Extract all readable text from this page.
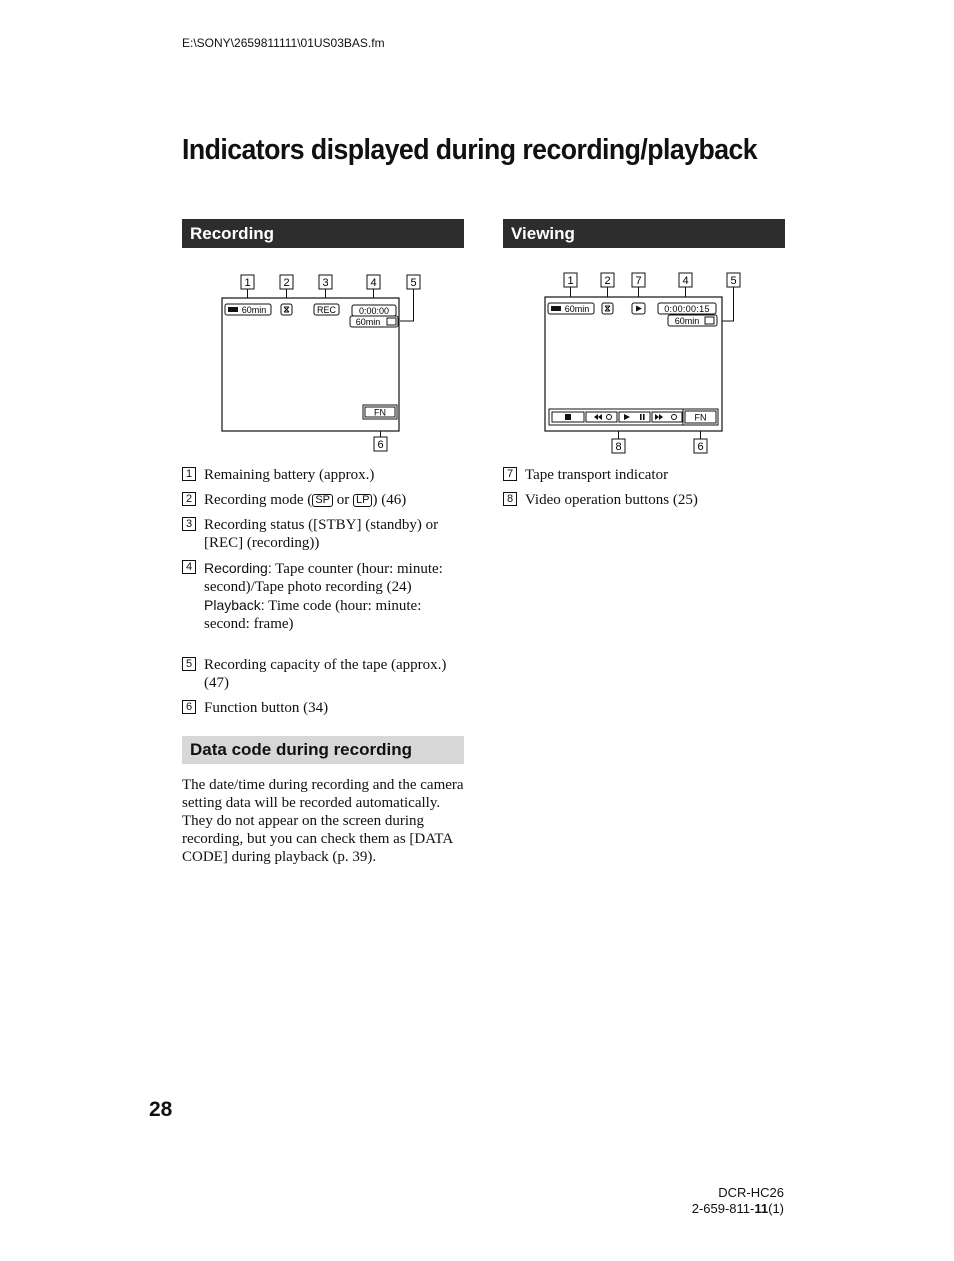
E:\SONY\2659811111\01US03BAS.fm
Indicators displayed during recording/playback
Recording
1	2	3	4	5
6
60min	REC	0:00:00
60min
FN
1 Remaining battery (approx.)
2 Recording mode ( SP or LP ) (46)
3 Recording status ([STBY] (standby) or [REC] (recording))
4 Recording: Tape counter (hour: minute: second)/Tape photo recording (24)
Playback: Time code (hour: minute: second: frame)
5 Recording capacity of the tape (approx.) (47)
6 Function button (34)
Data code during recording
The date/time during recording and the camera setting data will be recorded automatically. They do not appear on the screen during recording, but you can check them as [DATA CODE] during playback (p. 39).
Viewing
1	2 7	4	5
8	6
60min	0:00:00:15
60min
FN
7 Tape transport indicator
8 Video operation buttons (25)
28
DCR-HC26
2-659-811-11(1)
